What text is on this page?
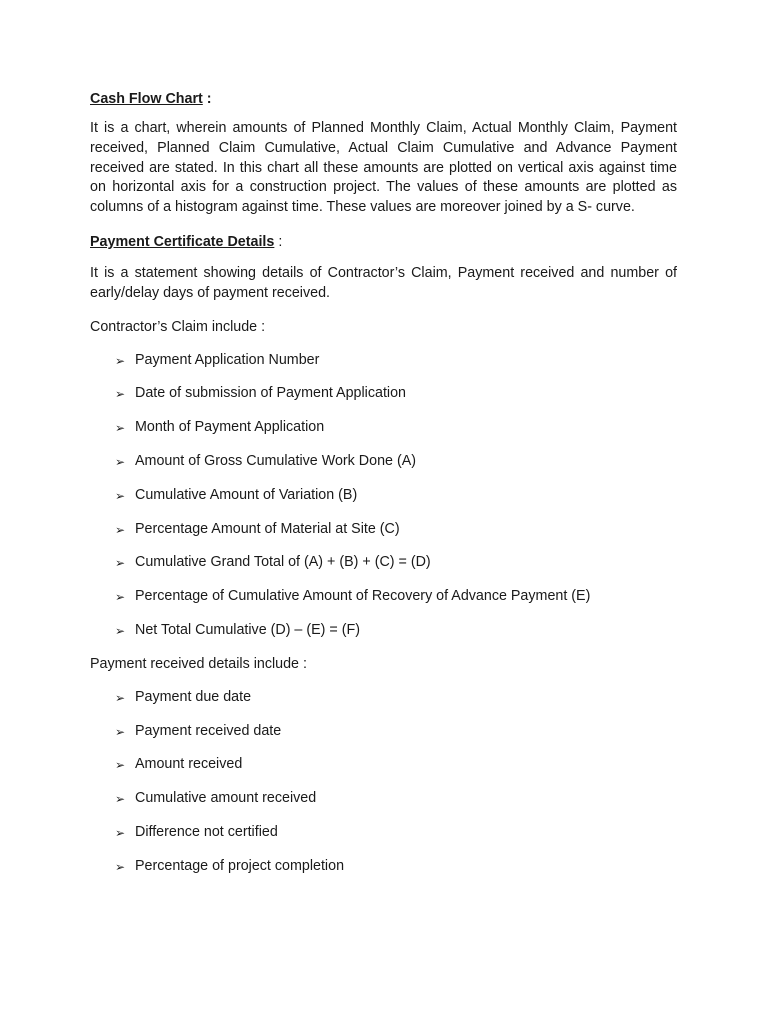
Cash Flow Chart :

It is a chart, wherein amounts of Planned Monthly Claim, Actual Monthly Claim, Payment received, Planned Claim Cumulative, Actual Claim Cumulative and Advance Payment received are stated. In this chart all these amounts are plotted on vertical axis against time on horizontal axis for a construction project. The values of these amounts are plotted as columns of a histogram against time. These values are moreover joined by a S- curve.

Payment Certificate Details :

It is a statement showing details of Contractor’s Claim, Payment received and number of early/delay days of payment received.

Contractor’s Claim include :

➢ Payment Application Number
➢ Date of submission of Payment Application
➢ Month of Payment Application
➢ Amount of Gross Cumulative Work Done (A)
➢ Cumulative Amount of Variation (B)
➢ Percentage Amount of Material at Site (C)
➢ Cumulative Grand Total of (A) + (B) + (C) = (D)
➢ Percentage of Cumulative Amount of Recovery of Advance Payment (E)
➢ Net Total Cumulative (D) – (E) = (F)

Payment received details include :

➢ Payment due date
➢ Payment received date
➢ Amount received
➢ Cumulative amount received
➢ Difference not certified
➢ Percentage of project completion
